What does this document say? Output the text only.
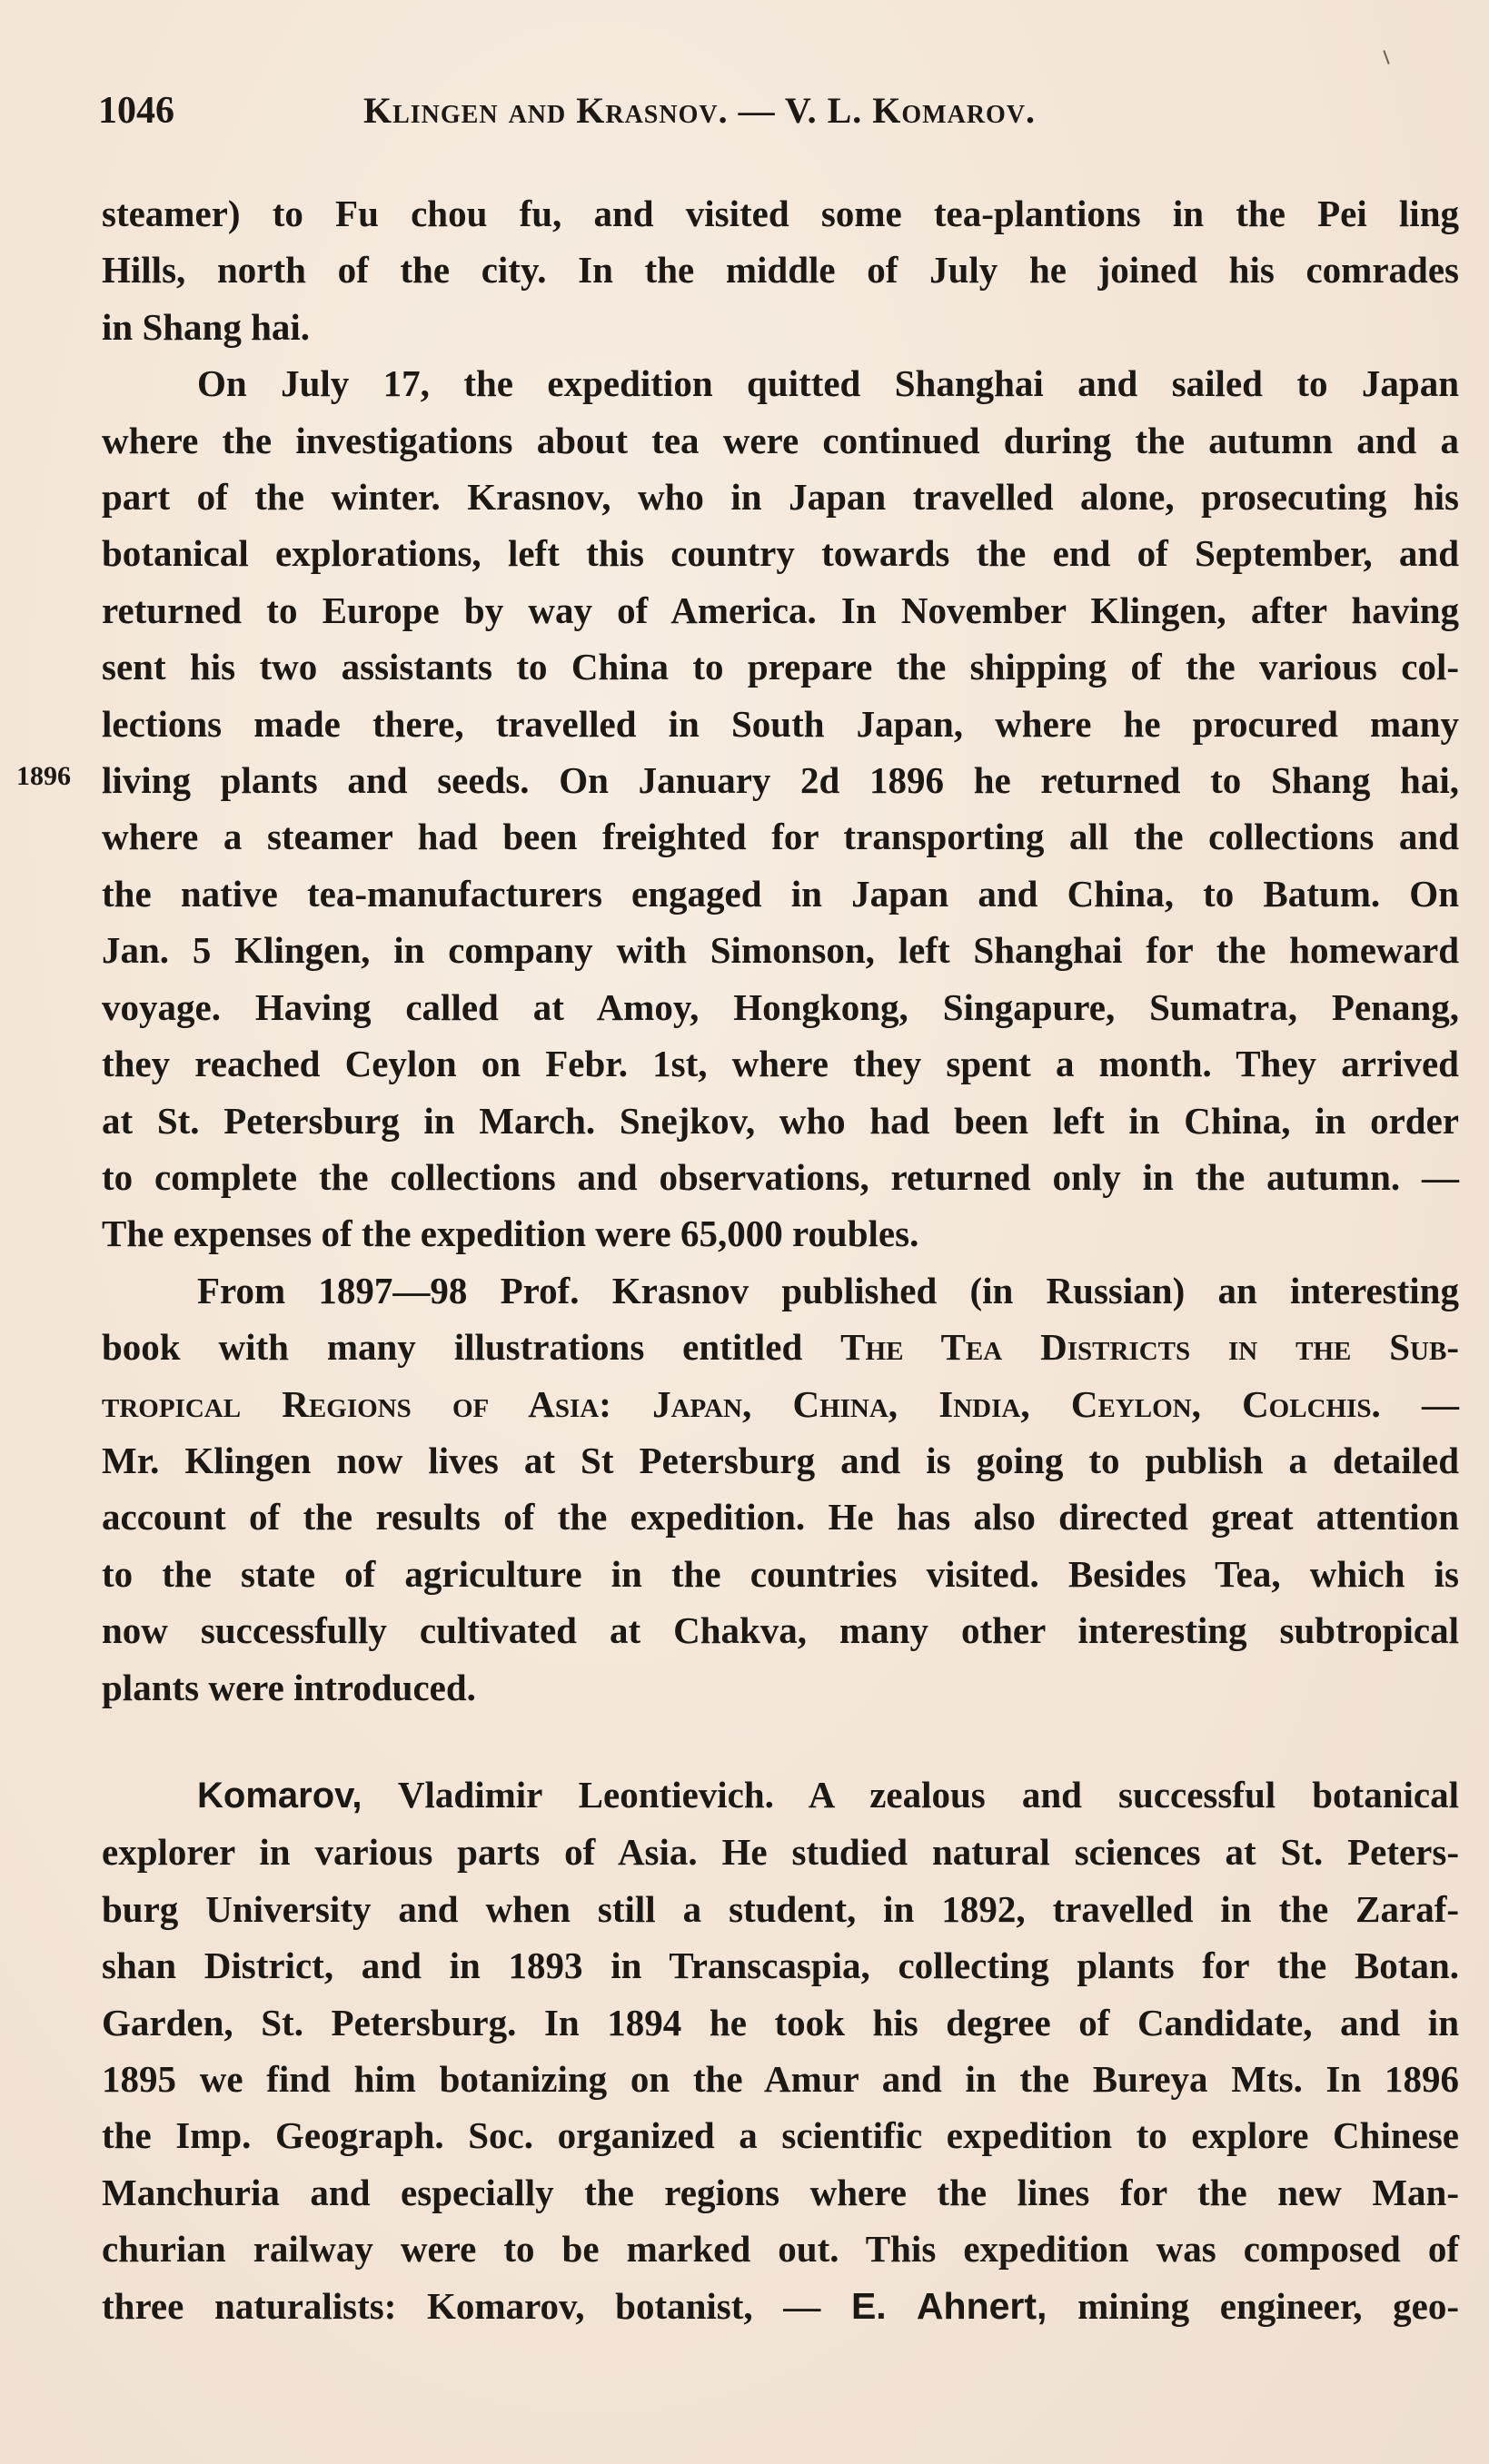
1046	Klingen and Krasnov. — V. L. Komarov.
1896
steamer) to Fu chou fu, and visited some tea-plantions in the Pei ling
Hills, north of the city. In the middle of July he joined his comrades
in Shang hai.
On July 17, the expedition quitted Shanghai and sailed to Japan
where the investigations about tea were continued during the autumn and a
part of the winter. Krasnov, who in Japan travelled alone, prosecuting his
botanical explorations, left this country towards the end of September, and
returned to Europe by way of America. In November Klingen, after having
sent his two assistants to China to prepare the shipping of the various col-
lections made there, travelled in South Japan, where he procured many
living plants and seeds. On January 2d 1896 he returned to Shang hai,
where a steamer had been freighted for transporting all the collections and
the native tea-manufacturers engaged in Japan and China, to Batum. On
Jan. 5 Klingen, in company with Simonson, left Shanghai for the homeward
voyage. Having called at Amoy, Hongkong, Singapure, Sumatra, Penang,
they reached Ceylon on Febr. 1st, where they spent a month. They arrived
at St. Petersburg in March. Snejkov, who had been left in China, in order
to complete the collections and observations, returned only in the autumn. —
The expenses of the expedition were 65,000 roubles.
From 1897—98 Prof. Krasnov published (in Russian) an interesting
book with many illustrations entitled The Tea Districts in the Sub-
tropical Regions of Asia: Japan, China, India, Ceylon, Colchis. —
Mr. Klingen now lives at St Petersburg and is going to publish a detailed
account of the results of the expedition. He has also directed great attention
to the state of agriculture in the countries visited. Besides Tea, which is
now successfully cultivated at Chakva, many other interesting subtropical
plants were introduced.
Komarov, Vladimir Leontievich. A zealous and successful botanical
explorer in various parts of Asia. He studied natural sciences at St. Peters-
burg University and when still a student, in 1892, travelled in the Zaraf-
shan District, and in 1893 in Transcaspia, collecting plants for the Botan.
Garden, St. Petersburg. In 1894 he took his degree of Candidate, and in
1895 we find him botanizing on the Amur and in the Bureya Mts. In 1896
the Imp. Geograph. Soc. organized a scientific expedition to explore Chinese
Manchuria and especially the regions where the lines for the new Man-
churian railway were to be marked out. This expedition was composed of
three naturalists: Komarov, botanist, — E. Ahnert, mining engineer, geo-
